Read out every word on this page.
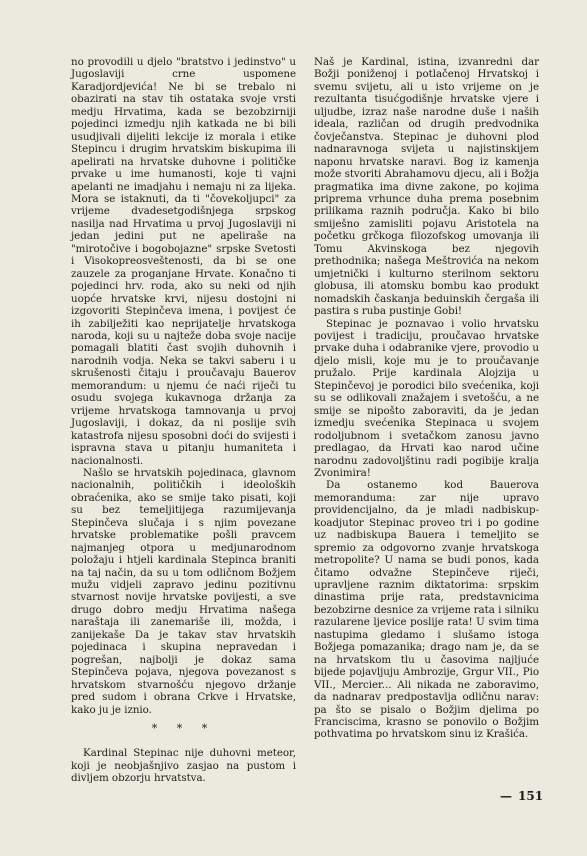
no provodili u djelo "bratstvo i jedinstvo" u Jugoslaviji crne uspomene Karadjordjevića! Ne bi se trebalo ni obazirati na stav tih ostataka svoje vrsti medju Hrvatima, kada se bezobzirniji pojedinci izmedju njih katkada ne bi bili usudjivali dijeliti lekcije iz morala i etike Stepincu i drugim hrvatskim biskupima ili apelirati na hrvatske duhovne i političke prvake u ime humanosti, koje ti vajni apelanti ne imadjahu i nemaju ni za lijeka. Mora se istaknuti, da ti "čovekoljupci" za vrijeme dvadesetgodišnjega srpskog nasilja nad Hrvatima u prvoj Jugoslaviji ni jedan jedini put ne apeliraše na "mirotočive i bogobojazne" srpske Svetosti i Visokopreosveštenosti, da bi se one zauzele za proganjane Hrvate. Konačno ti pojedinci hrv. roda, ako su neki od njih uopće hrvatske krvi, nijesu dostojni ni izgovoriti Stepinčeva imena, i povijest će ih zabilježiti kao neprijatelje hrvatskoga naroda, koji su u najteže doba svoje nacije pomagali blatiti čast svojih duhovnih i narodnih vodja. Neka se takvi saberu i u skrušenosti čitaju i proučavaju Bauerov memorandum: u njemu će naći riječi tu osudu svojega kukavnoga držanja za vrijeme hrvatskoga tamnovanja u prvoj Jugoslaviji, i dokaz, da ni poslije svih katastrofa nijesu sposobni doći do svijesti i ispravna stava u pitanju humaniteta i nacionalnosti.

Našlo se hrvatskih pojedinaca, glavnom nacionalnih, političkih i ideoloških obraćenika, ako se smije tako pisati, koji su bez temeljitijega razumijevanja Stepinčeva slučaja i s njim povezane hrvatske problematike pošli pravcem najmanjeg otpora u medjunarodnom položaju i htjeli kardinala Stepinca braniti na taj način, da su u tom odličnom Božjem mužu vidjeli zapravo jedinu pozitivnu stvarnost novije hrvatske povijesti, a sve drugo dobro medju Hrvatima našega naraštaja ili zanemariše ili, možda, i zanijekaše Da je takav stav hrvatskih pojedinaca i skupina nepravedan i pogrešan, najbolji je dokaz sama Stepinčeva pojava, njegova povezanost s hrvatskom stvarnošću njegovo držanje pred sudom i obrana Crkve i Hrvatske, kako ju je iznio.

* * *

Kardinal Stepinac nije duhovni meteor, koji je neobjašnjivo zasjao na pustom i divljem obzorju hrvatstva.

Naš je Kardinal, istina, izvanredni dar Božji poniženoj i potlačenoj Hrvatskoj i svemu svijetu, ali u isto vrijeme on je rezultanta tisućgodišnje hrvatske vjere i uljudbe, izraz naše narodne duše i naših ideala, različan od drugih predvodnika čovječanstva. Stepinac je duhovni plod nadnaravnoga svijeta u najistinskijem naponu hrvatske naravi. Bog iz kamenja može stvoriti Abrahamovu djecu, ali i Božja pragmatika ima divne zakone, po kojima priprema vrhunce duha prema posebnim prilikama raznih područja. Kako bi bilo smiješno zamisliti pojavu Aristotela na početku grčkoga filozofskog umovanja ili Tomu Akvinskoga bez njegovih prethodnika; našega Meštrovića na nekom umjetnički i kulturno sterilnom sektoru globusa, ili atomsku bombu kao produkt nomadskih časkanja beduinskih čergaša ili pastira s ruba pustinje Gobi!

Stepinac je poznavao i volio hrvatsku povijest i tradiciju, proučavao hrvatske prvake duha i odabranike vjere, provodio u djelo misli, koje mu je to proučavanje pružalo. Prije kardinala Alojzija u Stepinčevoj je porodici bilo svećenika, koji su se odlikovali znažajem i svetošću, a ne smije se nipošto zaboraviti, da je jedan izmedju svećenika Stepinaca u svojem rodoljubnom i svetačkom zanosu javno predlagao, da Hrvati kao narod učine narodnu zadovoljštinu radi pogibije kralja Zvonimira!

Da ostanemo kod Bauerova memoranduma: zar nije upravo providencijalno, da je mladi nadbiskup-koadjutor Stepinac proveo tri i po godine uz nadbiskupa Bauera i temeljito se spremio za odgovorno zvanje hrvatskoga metropolite? U nama se budi ponos, kada čitamo odvažne Stepinčeve riječi, upravljene raznim diktatorima: srpskim dinastima prije rata, predstavnicima bezobzirne desnice za vrijeme rata i silniku razularene ljevice poslije rata! U svim tima nastupima gledamo i slušamo istoga Božjega pomazanika; drago nam je, da se na hrvatskom tlu u časovima najljuće bijede pojavljuju Ambrozije, Grgur VII., Pio VII., Mercier... Ali nikada ne zaboravimo, da nadnarav predpostavlja odličnu narav: pa što se pisalo o Božjim djelima po Franciscima, krasno se ponovilo o Božjim pothvatima po hrvatskom sinu iz Krašića.

— 151
